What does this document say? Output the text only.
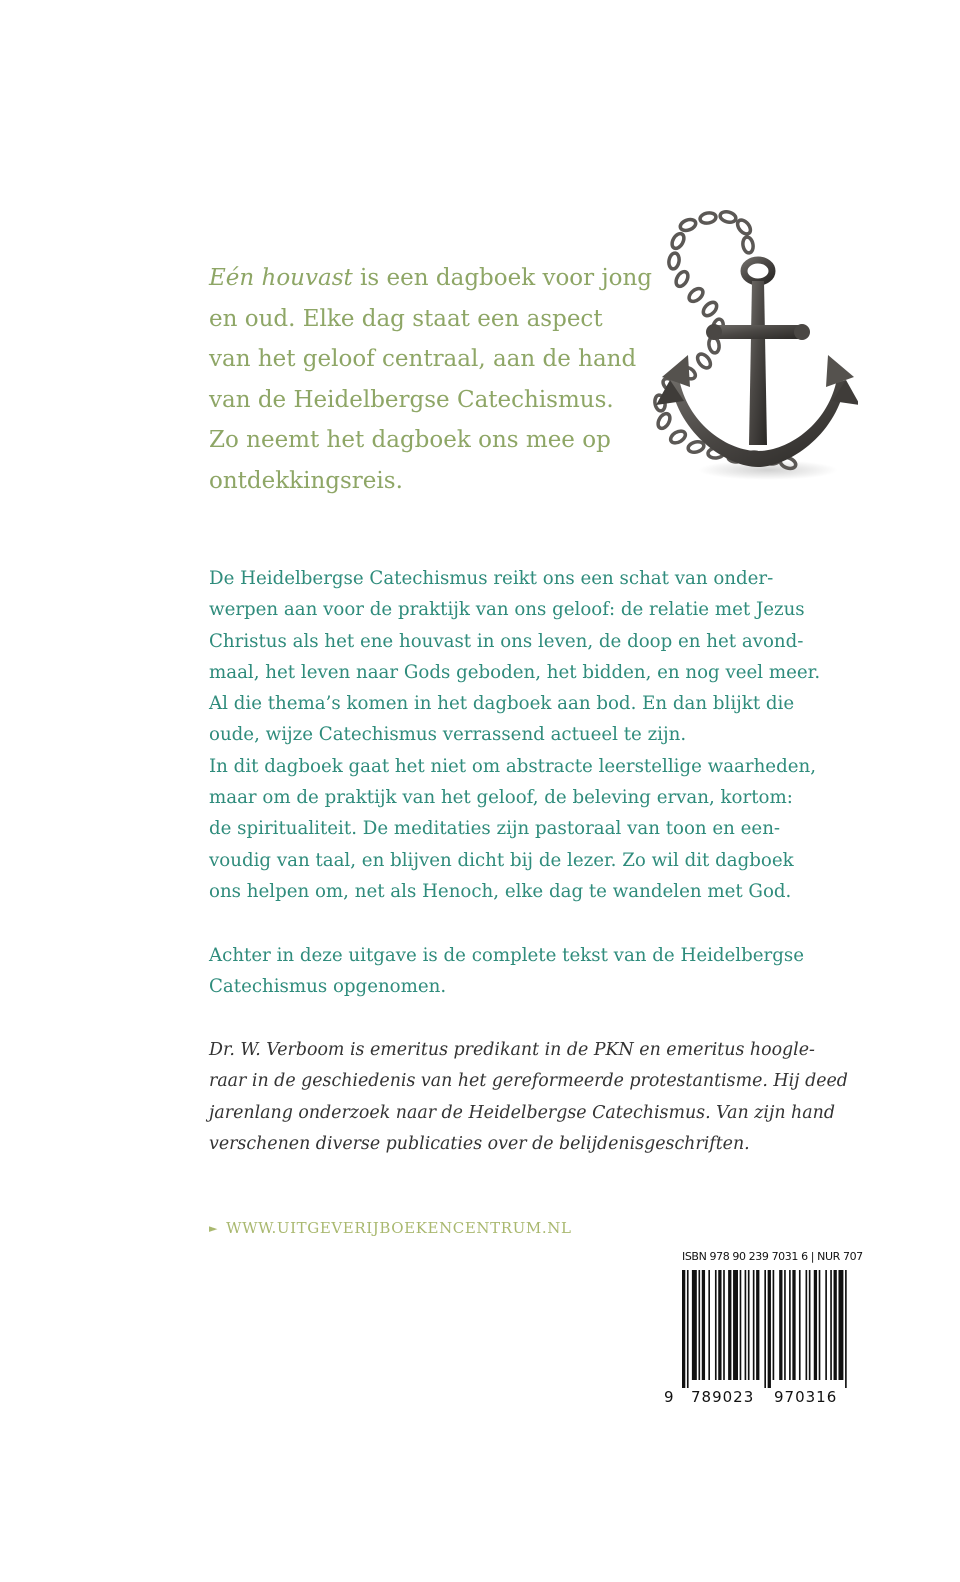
Eén houvast is een dagboek voor jong
en oud. Elke dag staat een aspect
van het geloof centraal, aan de hand
van de Heidelbergse Catechismus.
Zo neemt het dagboek ons mee op
ontdekkingsreis.
De Heidelbergse Catechismus reikt ons een schat van onder-
werpen aan voor de praktijk van ons geloof: de relatie met Jezus
Christus als het ene houvast in ons leven, de doop en het avond-
maal, het leven naar Gods geboden, het bidden, en nog veel meer.
Al die thema’s komen in het dagboek aan bod. En dan blijkt die
oude, wijze Catechismus verrassend actueel te zijn.
In dit dagboek gaat het niet om abstracte leerstellige waarheden,
maar om de praktijk van het geloof, de beleving ervan, kortom:
de spiritualiteit. De meditaties zijn pastoraal van toon en een-
voudig van taal, en blijven dicht bij de lezer. Zo wil dit dagboek
ons helpen om, net als Henoch, elke dag te wandelen met God.
Achter in deze uitgave is de complete tekst van de Heidelbergse
Catechismus opgenomen.
Dr. W. Verboom is emeritus predikant in de PKN en emeritus hoogle-
raar in de geschiedenis van het gereformeerde protestantisme. Hij deed
jarenlang onderzoek naar de Heidelbergse Catechismus. Van zijn hand
verschenen diverse publicaties over de belijdenisgeschriften.
► WWW.UITGEVERIJBOEKENCENTRUM.NL
ISBN 978 90 239 7031 6 | NUR 707
9 789023 970316
